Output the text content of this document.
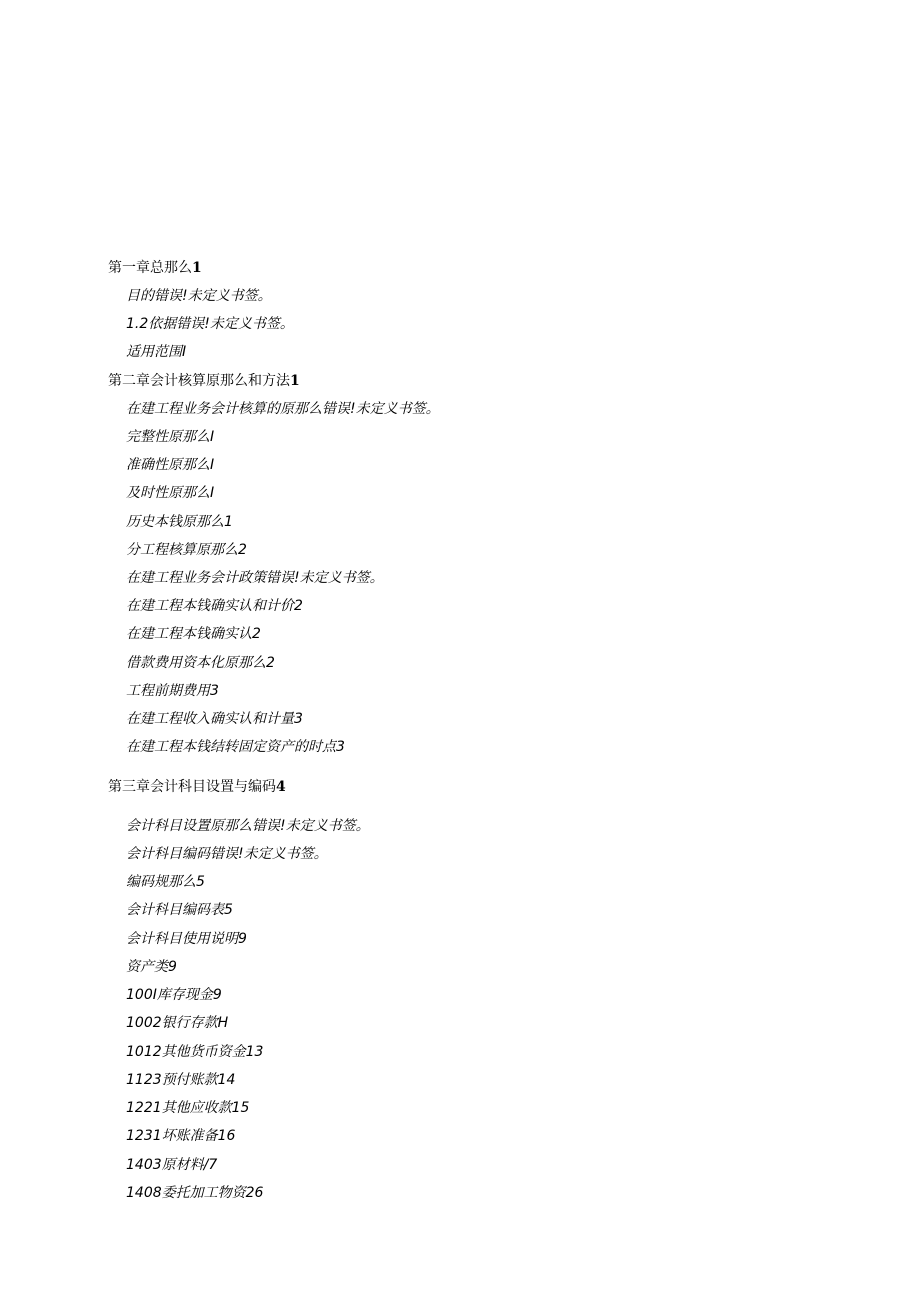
第一章总那么1
目的错误!未定义书签。
1.2依据错误!未定义书签。
适用范围I
第二章会计核算原那么和方法1
在建工程业务会计核算的原那么错误!未定义书签。
完整性原那么I
准确性原那么I
及时性原那么I
历史本钱原那么1
分工程核算原那么2
在建工程业务会计政策错误!未定义书签。
在建工程本钱确实认和计价2
在建工程本钱确实认2
借款费用资本化原那么2
工程前期费用3
在建工程收入确实认和计量3
在建工程本钱结转固定资产的时点3
第三章会计科目设置与编码4
会计科目设置原那么错误!未定义书签。
会计科目编码错误!未定义书签。
编码规那么5
会计科目编码表5
会计科目使用说明9
资产类9
100I库存现金9
1002银行存款H
1012其他货币资金13
1123预付账款14
1221其他应收款15
1231坏账准备16
1403原材料/7
1408委托加工物资26
